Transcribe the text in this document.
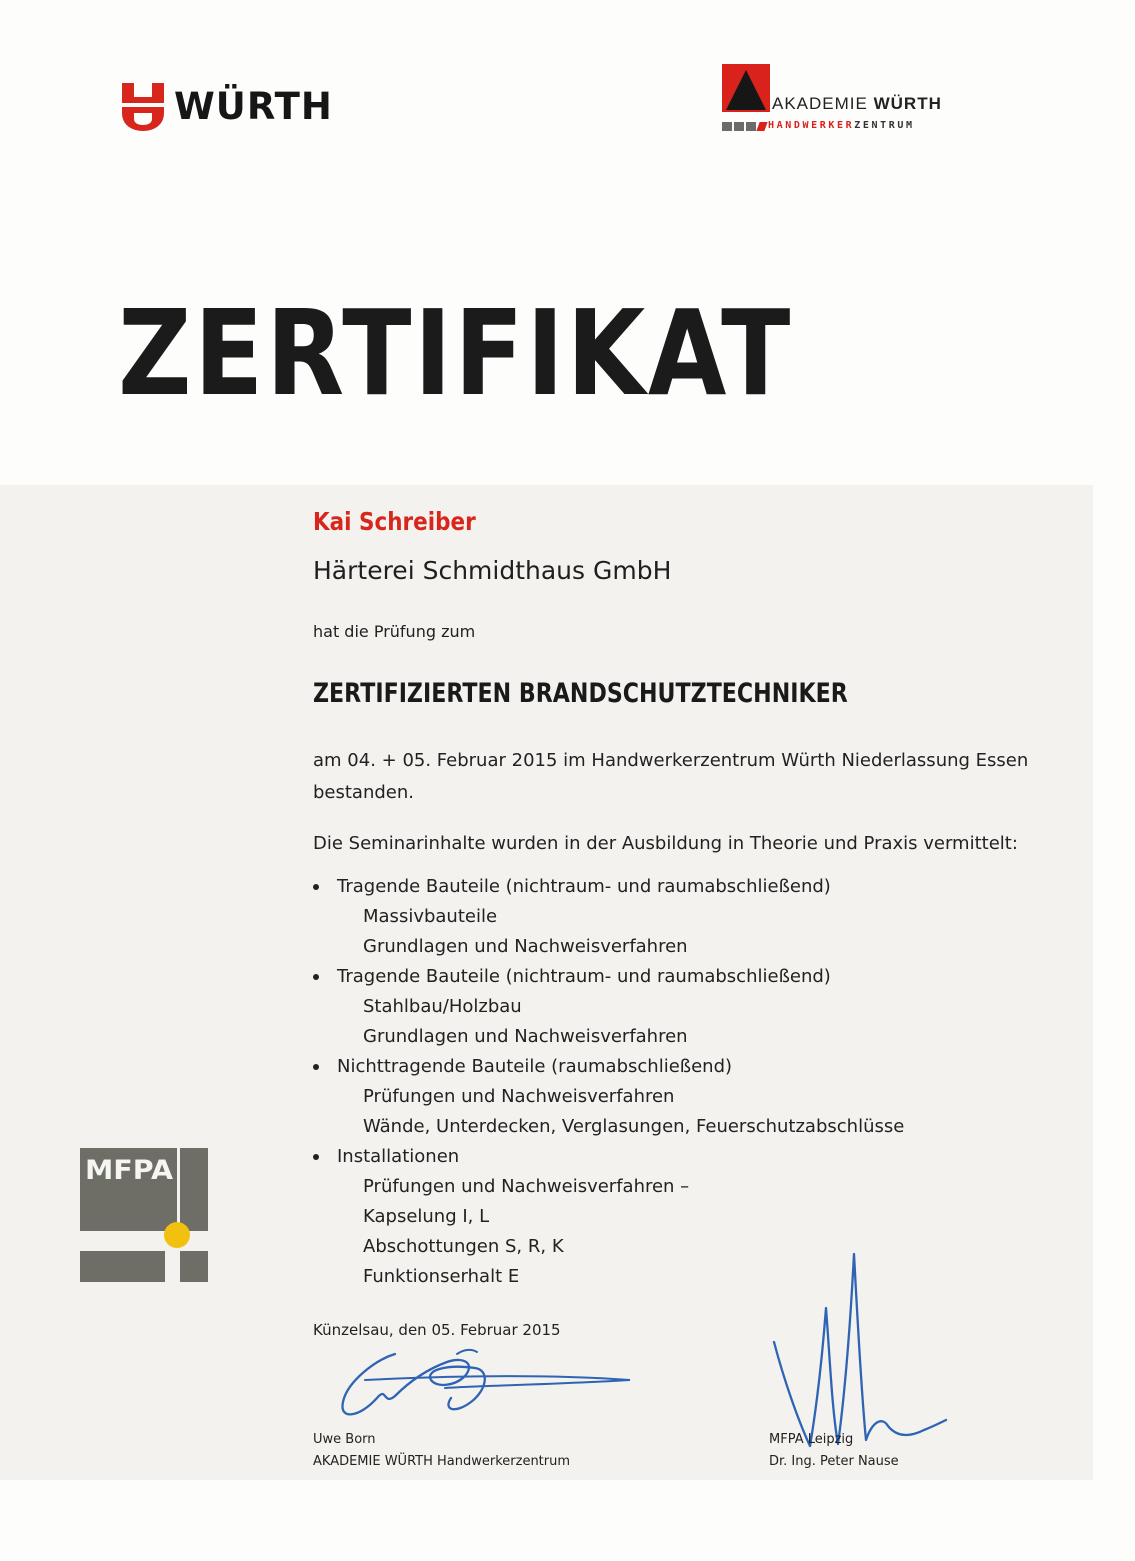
WÜRTH	AKADEMIE WÜRTH
HANDWERKERZENTRUM
ZERTIFIKAT
Kai Schreiber
Härterei Schmidthaus GmbH
hat die Prüfung zum
ZERTIFIZIERTEN BRANDSCHUTZTECHNIKER
am 04. + 05. Februar 2015 im Handwerkerzentrum Würth Niederlassung Essen
bestanden.
Die Seminarinhalte wurden in der Ausbildung in Theorie und Praxis vermittelt:
Tragende Bauteile (nichtraum- und raumabschließend)
Massivbauteile
Grundlagen und Nachweisverfahren
Tragende Bauteile (nichtraum- und raumabschließend)
Stahlbau/Holzbau
Grundlagen und Nachweisverfahren
Nichttragende Bauteile (raumabschließend)
Prüfungen und Nachweisverfahren
Wände, Unterdecken, Verglasungen, Feuerschutzabschlüsse
Installationen
Prüfungen und Nachweisverfahren –
Kapselung I, L
Abschottungen S, R, K
Funktionserhalt E
MFPA
Künzelsau, den 05. Februar 2015
Uwe Born
AKADEMIE WÜRTH Handwerkerzentrum
MFPA Leipzig
Dr. Ing. Peter Nause
